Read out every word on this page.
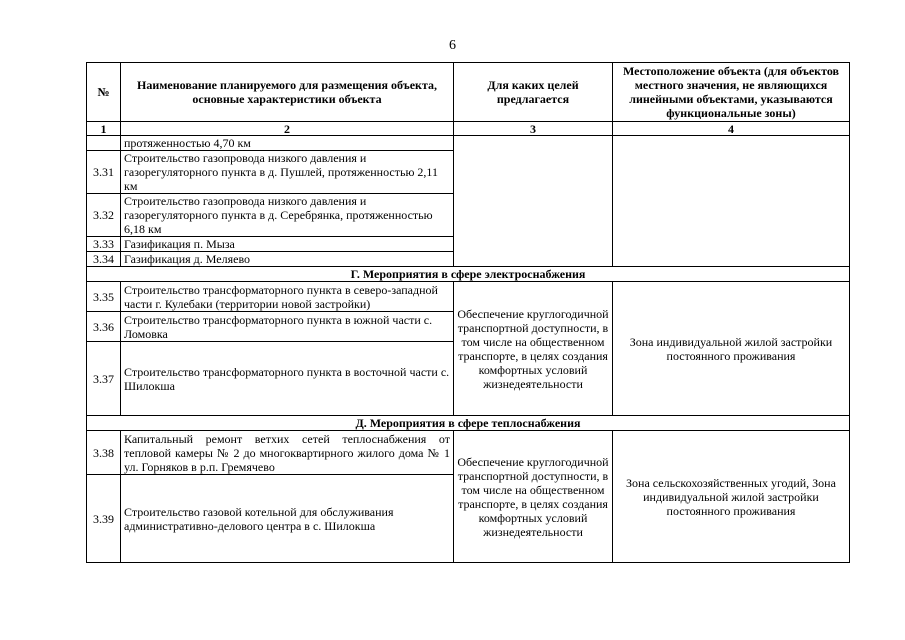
6
№	Наименование планируемого для размещения объекта, основные характеристики объекта	Для каких целей предлагается	Местоположение объекта (для объектов местного значения, не являющихся линейными объектами, указываются функциональные зоны)
1	2	3	4
	протяженностью 4,70 км		
3.31	Строительство газопровода низкого давления и газорегуляторного пункта в д. Пушлей, протяженностью 2,11 км		
3.32	Строительство газопровода низкого давления и газорегуляторного пункта в д. Серебрянка, протяженностью 6,18 км		
3.33	Газификация п. Мыза		
3.34	Газификация д. Меляево		
Г. Мероприятия в сфере электроснабжения			
3.35	Строительство трансформаторного пункта в северо-западной части г. Кулебаки (территории новой застройки)	Обеспечение круглогодичной транспортной доступности, в том числе на общественном транспорте, в целях создания комфортных условий жизнедеятельности	Зона индивидуальной жилой застройки постоянного проживания
3.36	Строительство трансформаторного пункта в южной части с. Ломовка		
3.37	Строительство трансформаторного пункта в восточной части с. Шилокша		
Д. Мероприятия в сфере теплоснабжения			
3.38	Капитальный ремонт ветхих сетей теплоснабжения от тепловой камеры № 2 до многоквартирного жилого дома № 1 ул. Горняков в р.п. Гремячево	Обеспечение круглогодичной транспортной доступности, в том числе на общественном транспорте, в целях создания комфортных условий жизнедеятельности	Зона сельскохозяйственных угодий, Зона индивидуальной жилой застройки постоянного проживания
3.39	Строительство газовой котельной для обслуживания административно-делового центра в с. Шилокша		
